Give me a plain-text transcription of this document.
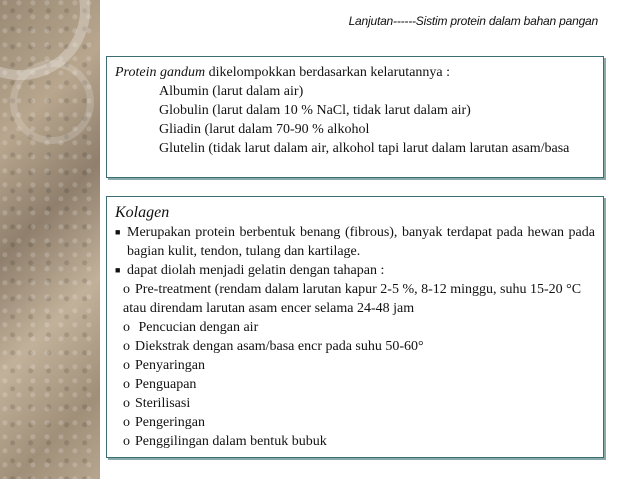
Lanjutan------Sistim protein dalam bahan pangan

Protein gandum dikelompokkan berdasarkan kelarutannya :

Albumin (larut dalam air)
Globulin (larut dalam 10 % NaCl, tidak larut dalam air)
Gliadin (larut dalam 70-90 % alkohol
Glutelin (tidak larut dalam air, alkohol tapi larut dalam larutan asam/basa
Kolagen
■ Merupakan protein berbentuk benang (fibrous), banyak terdapat pada hewan pada bagian kulit, tendon, tulang dan kartilage.
■ dapat diolah menjadi gelatin dengan tahapan :
o Pre-treatment (rendam dalam larutan kapur 2-5 %, 8-12 minggu, suhu 15-20 °C atau direndam larutan asam encer selama 24-48 jam
o Pencucian dengan air
o Diekstrak dengan asam/basa encr pada suhu 50-60°
o Penyaringan
o Penguapan
o Sterilisasi
o Pengeringan
o Penggilingan dalam bentuk bubuk
